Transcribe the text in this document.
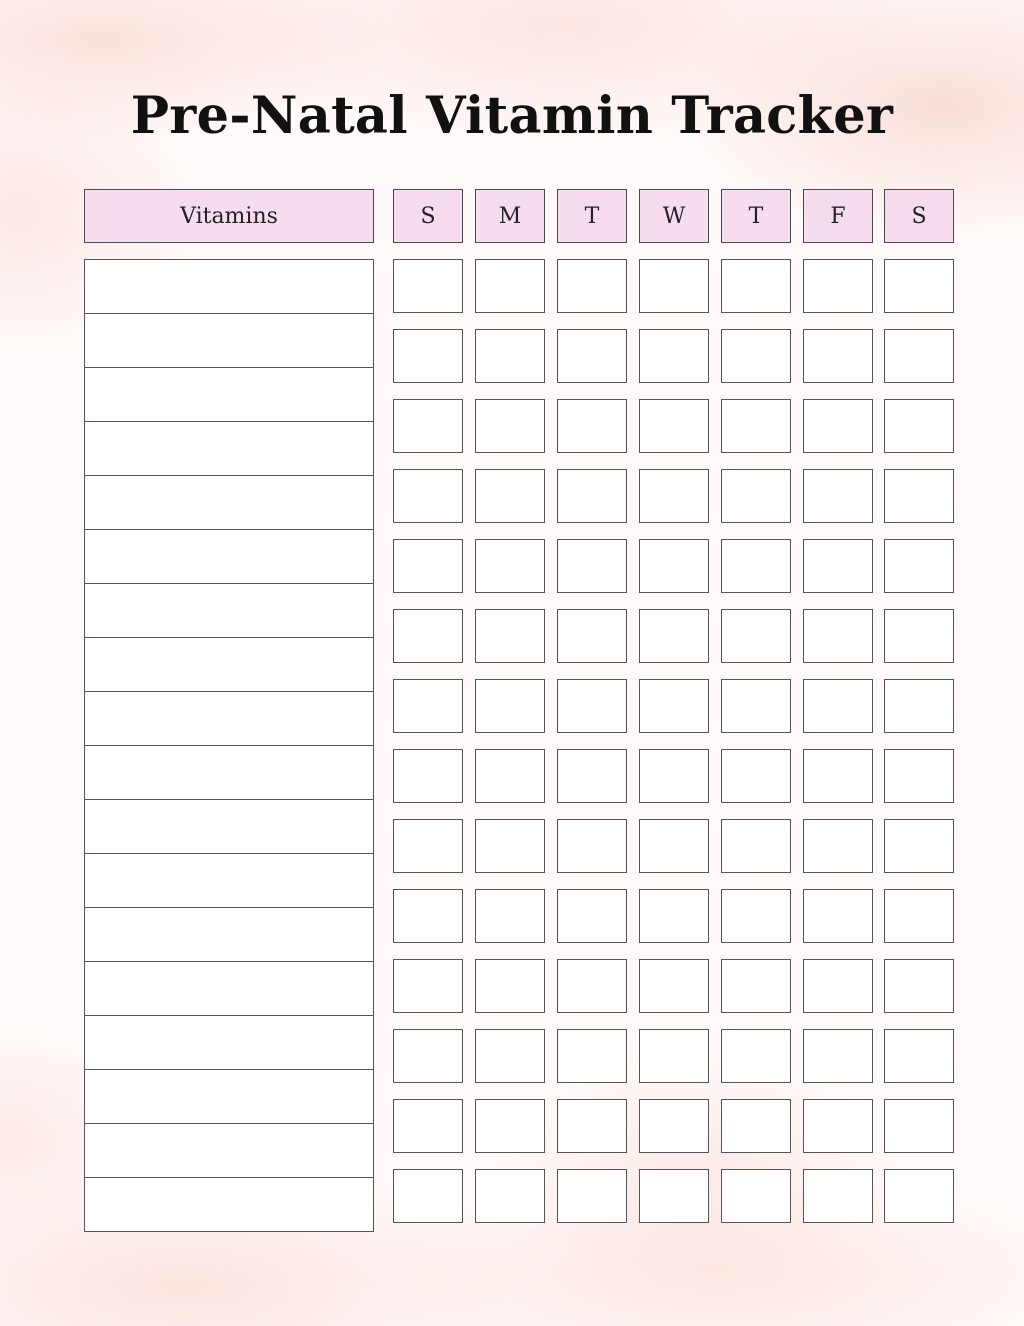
Pre-Natal Vitamin Tracker
Vitamins	S	M	T	W	T	F	S
